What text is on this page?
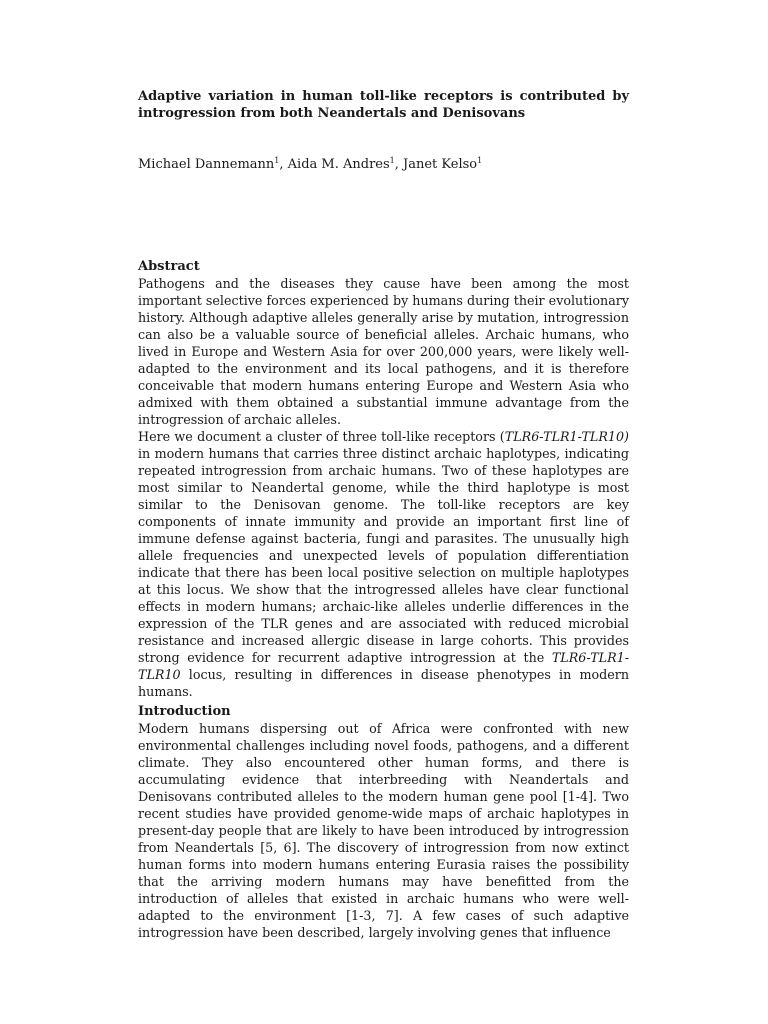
Adaptive variation in human toll-like receptors is contributed by introgression from both Neandertals and Denisovans
Michael Dannemann$^1$, Aida M. Andres$^1$, Janet Kelso$^1$

Abstract

Pathogens and the diseases they cause have been among the most important selective forces experienced by humans during their evolutionary history. Although adaptive alleles generally arise by mutation, introgression can also be a valuable source of beneficial alleles. Archaic humans, who lived in Europe and Western Asia for over 200,000 years, were likely well-adapted to the environment and its local pathogens, and it is therefore conceivable that modern humans entering Europe and Western Asia who admixed with them obtained a substantial immune advantage from the introgression of archaic alleles.

Here we document a cluster of three toll-like receptors (TLR6-TLR1-TLR10) in modern humans that carries three distinct archaic haplotypes, indicating repeated introgression from archaic humans. Two of these haplotypes are most similar to Neandertal genome, while the third haplotype is most similar to the Denisovan genome. The toll-like receptors are key components of innate immunity and provide an important first line of immune defense against bacteria, fungi and parasites. The unusually high allele frequencies and unexpected levels of population differentiation indicate that there has been local positive selection on multiple haplotypes at this locus. We show that the introgressed alleles have clear functional effects in modern humans; archaic-like alleles underlie differences in the expression of the TLR genes and are associated with reduced microbial resistance and increased allergic disease in large cohorts. This provides strong evidence for recurrent adaptive introgression at the TLR6-TLR1-TLR10 locus, resulting in differences in disease phenotypes in modern humans.

Introduction

Modern humans dispersing out of Africa were confronted with new environmental challenges including novel foods, pathogens, and a different climate. They also encountered other human forms, and there is accumulating evidence that interbreeding with Neandertals and Denisovans contributed alleles to the modern human gene pool [1-4]. Two recent studies have provided genome-wide maps of archaic haplotypes in present-day people that are likely to have been introduced by introgression from Neandertals [5, 6]. The discovery of introgression from now extinct human forms into modern humans entering Eurasia raises the possibility that the arriving modern humans may have benefitted from the introduction of alleles that existed in archaic humans who were well-adapted to the environment [1-3, 7]. A few cases of such adaptive introgression have been described, largely involving genes that influence
